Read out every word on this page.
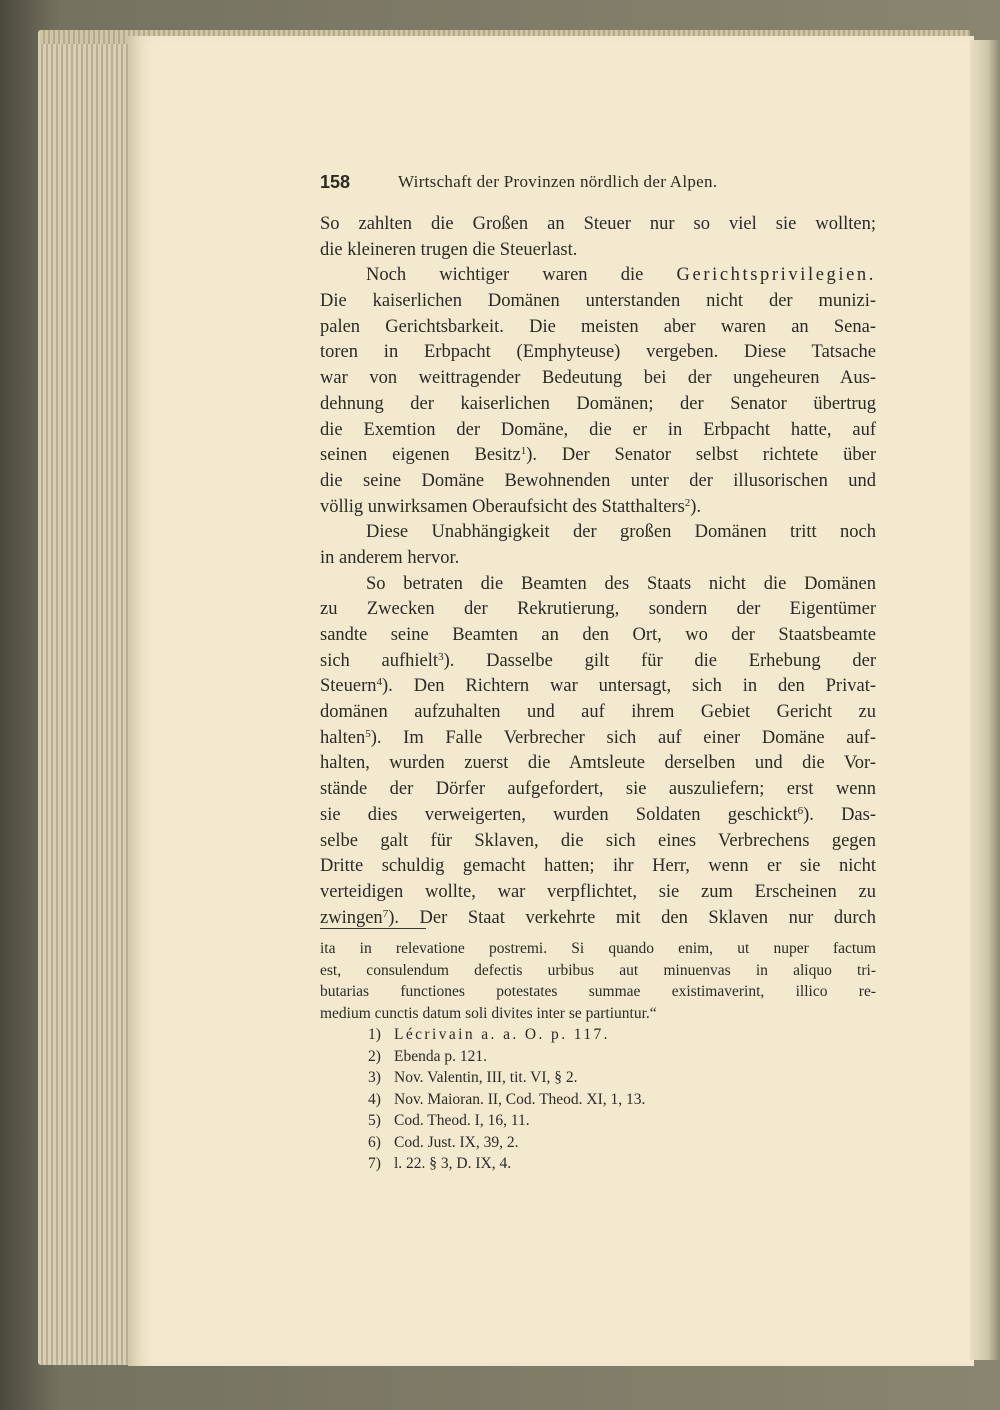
158	Wirtschaft der Provinzen nördlich der Alpen.
So zahlten die Großen an Steuer nur so viel sie wollten;
die kleineren trugen die Steuerlast.
Noch wichtiger waren die Gerichtsprivilegien.
Die kaiserlichen Domänen unterstanden nicht der munizi-
palen Gerichtsbarkeit. Die meisten aber waren an Sena-
toren in Erbpacht (Emphyteuse) vergeben. Diese Tatsache
war von weittragender Bedeutung bei der ungeheuren Aus-
dehnung der kaiserlichen Domänen; der Senator übertrug
die Exemtion der Domäne, die er in Erbpacht hatte, auf
seinen eigenen Besitz$^1$). Der Senator selbst richtete über
die seine Domäne Bewohnenden unter der illusorischen und
völlig unwirksamen Oberaufsicht des Statthalters$^2$).
Diese Unabhängigkeit der großen Domänen tritt noch
in anderem hervor.
So betraten die Beamten des Staats nicht die Domänen
zu Zwecken der Rekrutierung, sondern der Eigentümer
sandte seine Beamten an den Ort, wo der Staatsbeamte
sich aufhielt$^3$). Dasselbe gilt für die Erhebung der
Steuern$^4$). Den Richtern war untersagt, sich in den Privat-
domänen aufzuhalten und auf ihrem Gebiet Gericht zu
halten$^5$). Im Falle Verbrecher sich auf einer Domäne auf-
halten, wurden zuerst die Amtsleute derselben und die Vor-
stände der Dörfer aufgefordert, sie auszuliefern; erst wenn
sie dies verweigerten, wurden Soldaten geschickt$^6$). Das-
selbe galt für Sklaven, die sich eines Verbrechens gegen
Dritte schuldig gemacht hatten; ihr Herr, wenn er sie nicht
verteidigen wollte, war verpflichtet, sie zum Erscheinen zu
zwingen$^7$). Der Staat verkehrte mit den Sklaven nur durch
ita in relevatione postremi. Si quando enim, ut nuper factum
est, consulendum defectis urbibus aut minuenvas in aliquo tri-
butarias functiones potestates summae existimaverint, illico re-
medium cunctis datum soli divites inter se partiuntur.“
1) Lécrivain a. a. O. p. 117.
2) Ebenda p. 121.
3) Nov. Valentin, III, tit. VI, § 2.
4) Nov. Maioran. II, Cod. Theod. XI, 1, 13.
5) Cod. Theod. I, 16, 11.
6) Cod. Just. IX, 39, 2.
7) l. 22. § 3, D. IX, 4.
